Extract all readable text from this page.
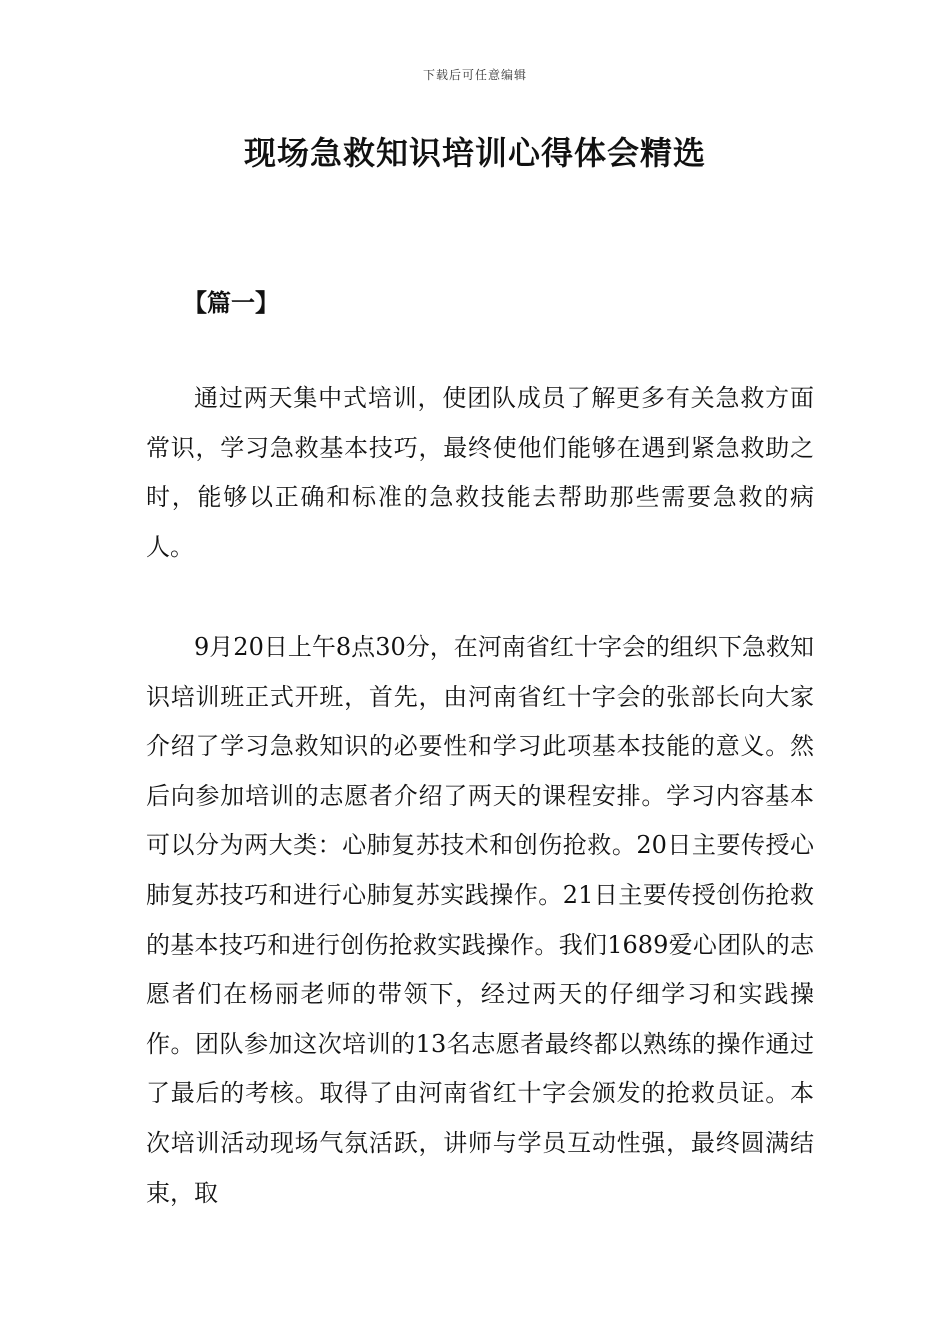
下载后可任意编辑
现场急救知识培训心得体会精选
【篇一】

通过两天集中式培训，使团队成员了解更多有关急救方面常识，学习急救基本技巧，最终使他们能够在遇到紧急救助之时，能够以正确和标准的急救技能去帮助那些需要急救的病人。

9月20日上午8点30分，在河南省红十字会的组织下急救知识培训班正式开班，首先，由河南省红十字会的张部长向大家介绍了学习急救知识的必要性和学习此项基本技能的意义。然后向参加培训的志愿者介绍了两天的课程安排。学习内容基本可以分为两大类：心肺复苏技术和创伤抢救。20日主要传授心肺复苏技巧和进行心肺复苏实践操作。21日主要传授创伤抢救的基本技巧和进行创伤抢救实践操作。我们1689爱心团队的志愿者们在杨丽老师的带领下，经过两天的仔细学习和实践操作。团队参加这次培训的13名志愿者最终都以熟练的操作通过了最后的考核。取得了由河南省红十字会颁发的抢救员证。本次培训活动现场气氛活跃，讲师与学员互动性强，最终圆满结束，取
